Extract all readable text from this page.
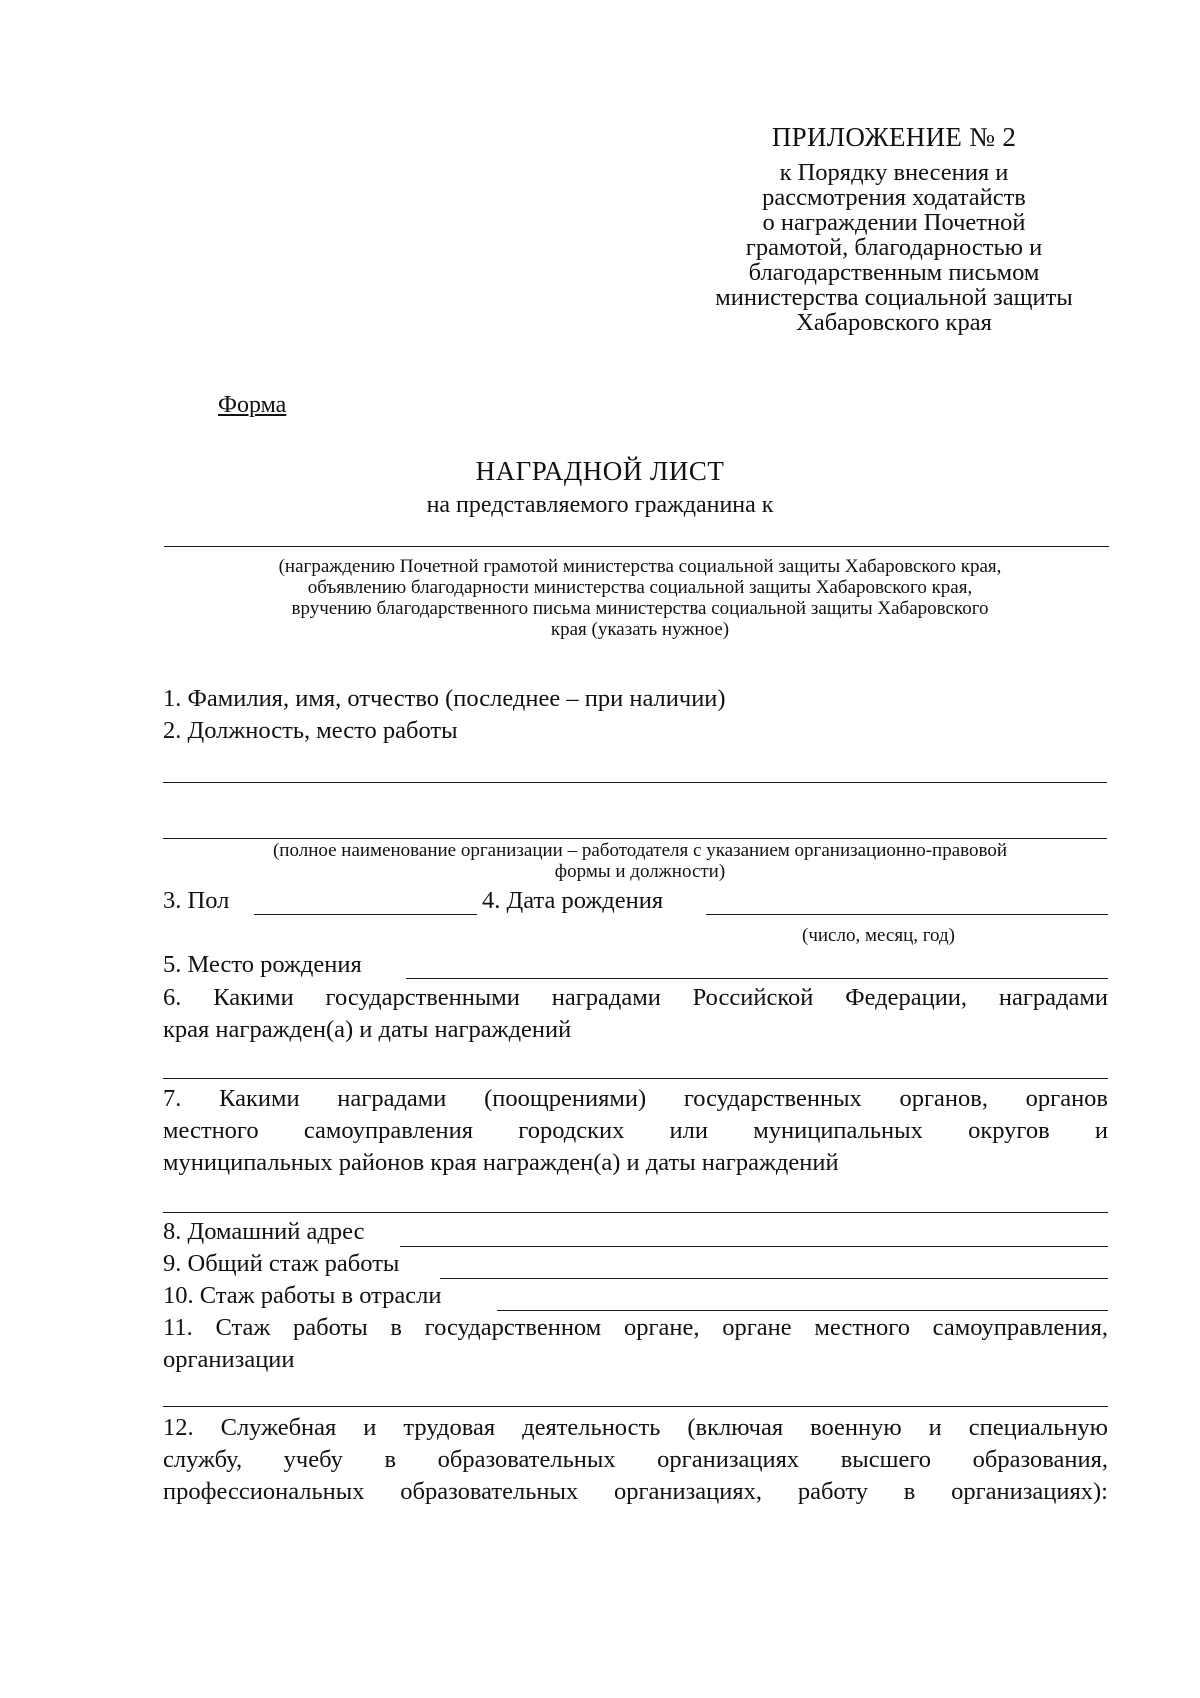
ПРИЛОЖЕНИЕ № 2
к Порядку внесения и
рассмотрения ходатайств
о награждении Почетной
грамотой, благодарностью и
благодарственным письмом
министерства социальной защиты
Хабаровского края
Форма
НАГРАДНОЙ ЛИСТ
на представляемого гражданина к
(награждению Почетной грамотой министерства социальной защиты Хабаровского края,
объявлению благодарности министерства социальной защиты Хабаровского края,
вручению благодарственного письма министерства социальной защиты Хабаровского
края (указать нужное)
1. Фамилия, имя, отчество (последнее – при наличии)
2. Должность, место работы
(полное наименование организации – работодателя с указанием организационно-правовой
формы и должности)
3. Пол	4. Дата рождения
(число, месяц, год)
5. Место рождения
6. Какими государственными наградами Российской Федерации, наградами
края награжден(а) и даты награждений
7. Какими наградами (поощрениями) государственных органов, органов
местного самоуправления городских или муниципальных округов и
муниципальных районов края награжден(а) и даты награждений
8. Домашний адрес
9. Общий стаж работы
10. Стаж работы в отрасли
11. Стаж работы в государственном органе, органе местного самоуправления,
организации
12. Служебная и трудовая деятельность (включая военную и специальную
службу, учебу в образовательных организациях высшего образования,
профессиональных образовательных организациях, работу в организациях):
